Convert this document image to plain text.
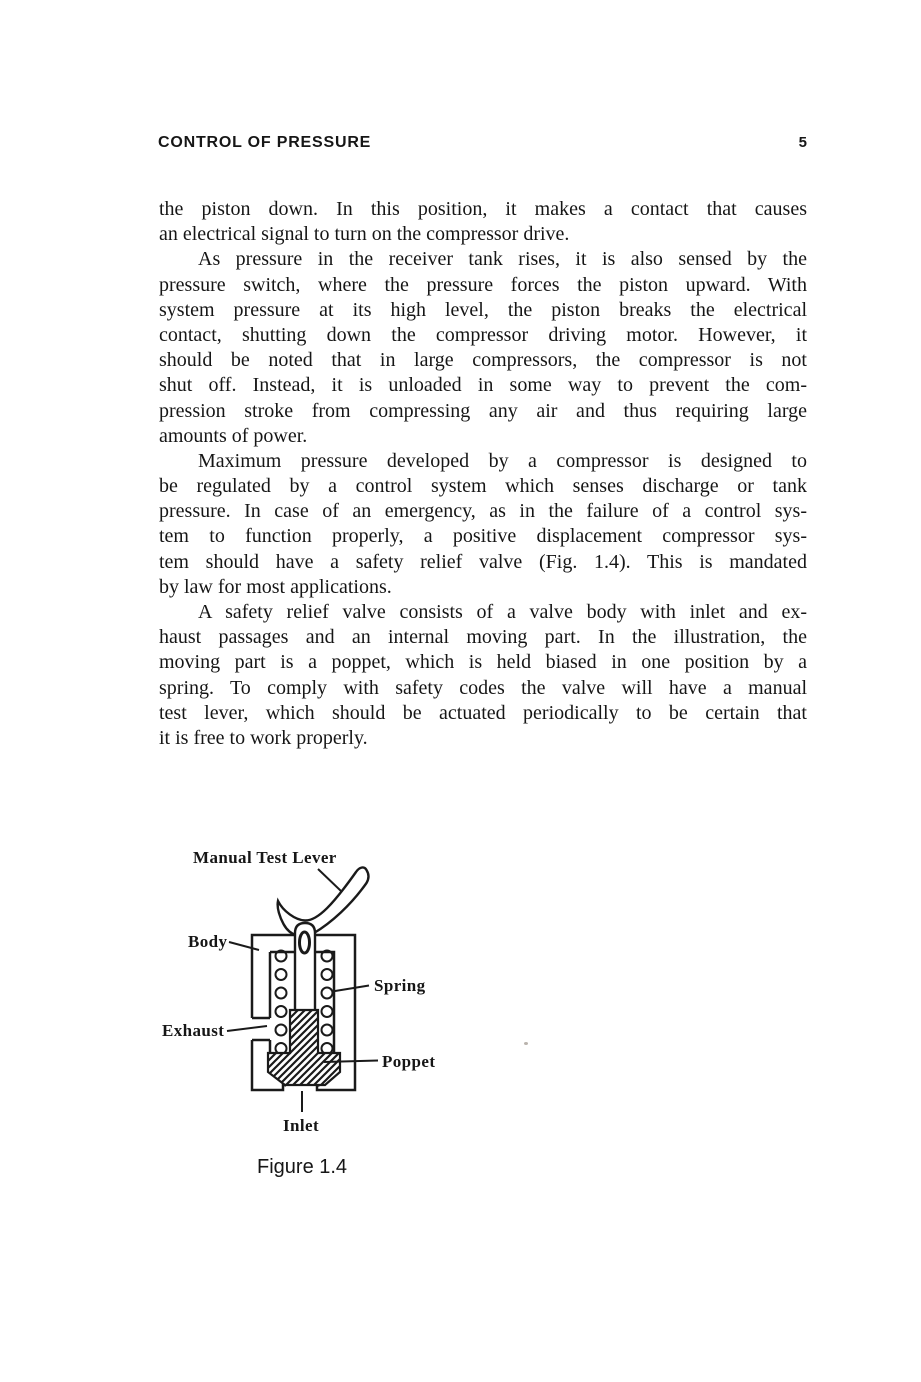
CONTROL OF PRESSURE	5
the piston down. In this position, it makes a contact that causes
an electrical signal to turn on the compressor drive.
As pressure in the receiver tank rises, it is also sensed by the
pressure switch, where the pressure forces the piston upward. With
system pressure at its high level, the piston breaks the electrical
contact, shutting down the compressor driving motor. However, it
should be noted that in large compressors, the compressor is not
shut off. Instead, it is unloaded in some way to prevent the com-
pression stroke from compressing any air and thus requiring large
amounts of power.
Maximum pressure developed by a compressor is designed to
be regulated by a control system which senses discharge or tank
pressure. In case of an emergency, as in the failure of a control sys-
tem to function properly, a positive displacement compressor sys-
tem should have a safety relief valve (Fig. 1.4). This is mandated
by law for most applications.
A safety relief valve consists of a valve body with inlet and ex-
haust passages and an internal moving part. In the illustration, the
moving part is a poppet, which is held biased in one position by a
spring. To comply with safety codes the valve will have a manual
test lever, which should be actuated periodically to be certain that
it is free to work properly.
Manual Test Lever
Body
Spring
Exhaust
Poppet
Inlet
Figure 1.4
